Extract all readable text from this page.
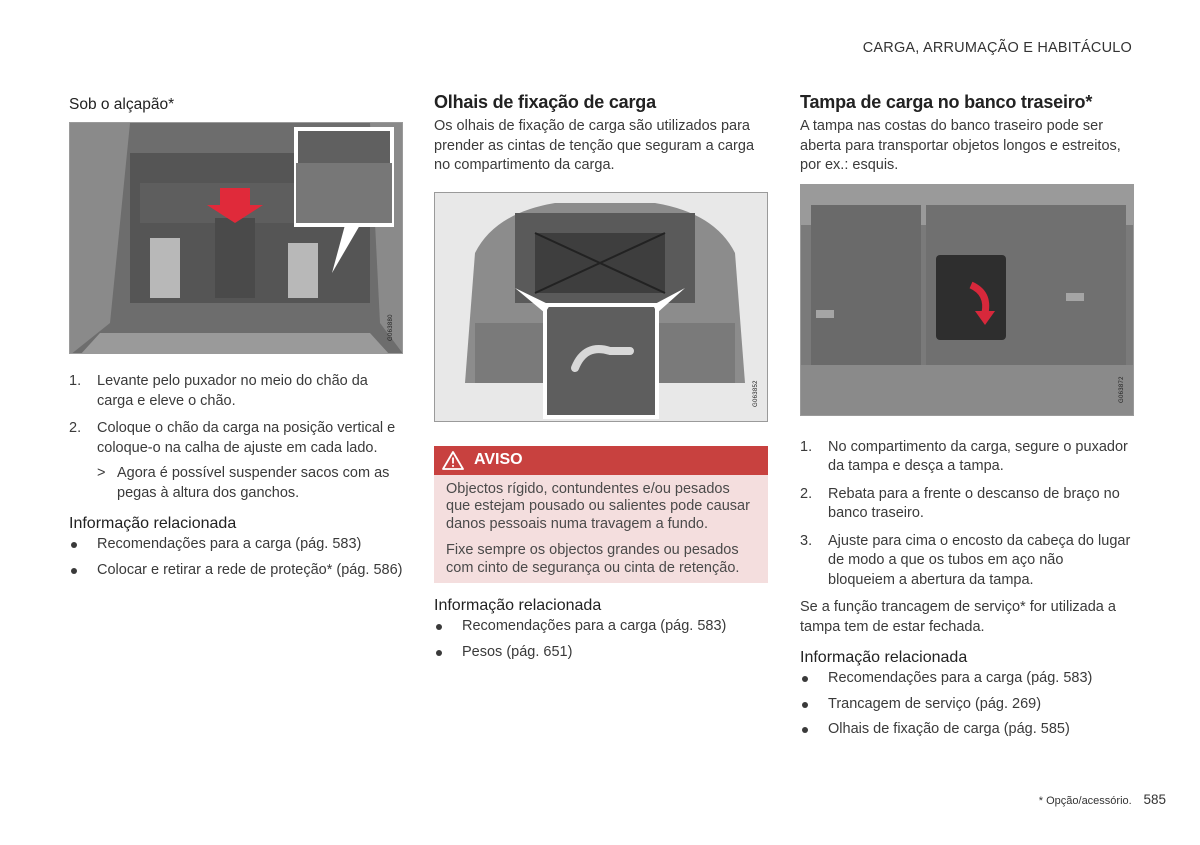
CARGA, ARRUMAÇÃO E HABITÁCULO
Sob o alçapão*
G063880
1. Levante pelo puxador no meio do chão da carga e eleve o chão.
2. Coloque o chão da carga na posição vertical e coloque-o na calha de ajuste em cada lado.
> Agora é possível suspender sacos com as pegas à altura dos ganchos.
Informação relacionada
Recomendações para a carga (pág. 583)
Colocar e retirar a rede de proteção* (pág. 586)
Olhais de fixação de carga

Os olhais de fixação de carga são utilizados para prender as cintas de tenção que seguram a carga no compartimento da carga.

G063852
AVISO

Objectos rígido, contundentes e/ou pesados que estejam pousado ou salientes pode causar danos pessoais numa travagem a fundo.

Fixe sempre os objectos grandes ou pesados com cinto de segurança ou cinta de retenção.

Informação relacionada
Recomendações para a carga (pág. 583)
Pesos (pág. 651)
Tampa de carga no banco traseiro*

A tampa nas costas do banco traseiro pode ser aberta para transportar objetos longos e estreitos, por ex.: esquis.

G063872
1. No compartimento da carga, segure o puxador da tampa e desça a tampa.
2. Rebata para a frente o descanso de braço no banco traseiro.
3. Ajuste para cima o encosto da cabeça do lugar de modo a que os tubos em aço não bloqueiem a abertura da tampa.

Se a função trancagem de serviço* for utilizada a tampa tem de estar fechada.

Informação relacionada
Recomendações para a carga (pág. 583)
Trancagem de serviço (pág. 269)
Olhais de fixação de carga (pág. 585)
* Opção/acessório. 585
